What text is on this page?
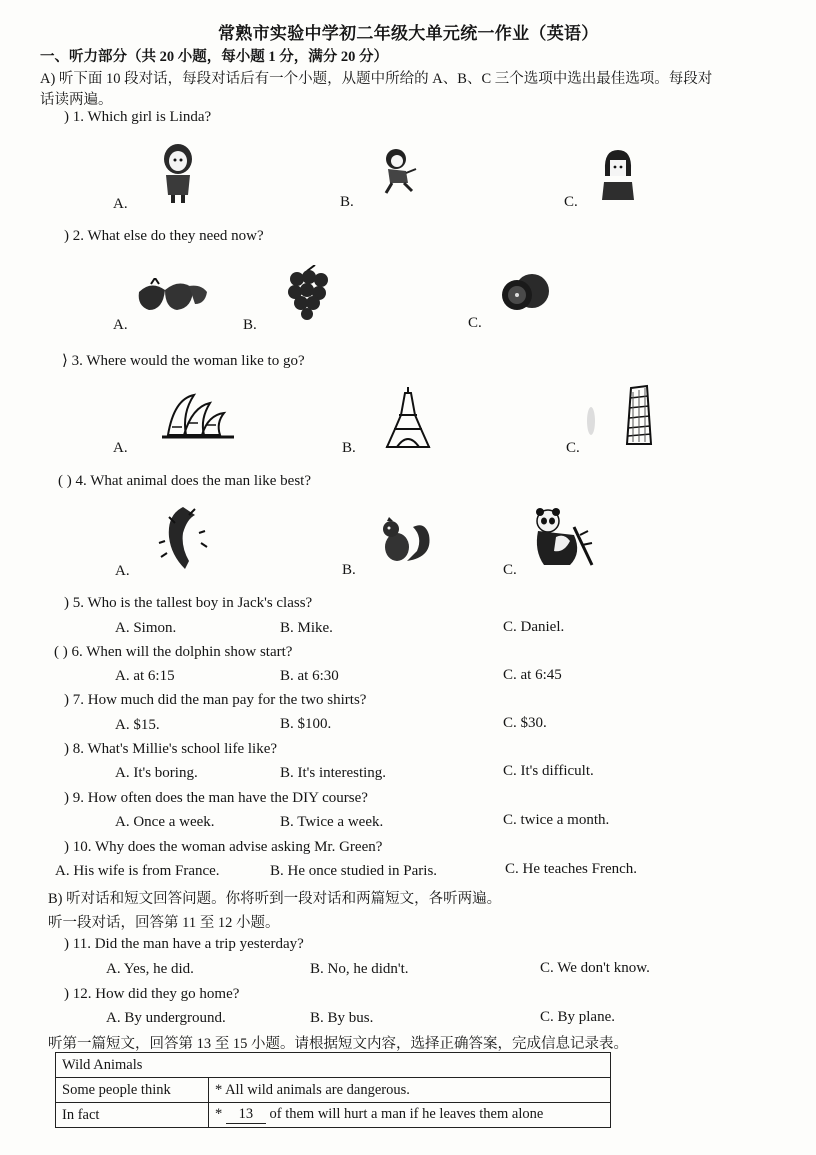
常熟市实验中学初二年级大单元统一作业（英语）
一、听力部分（共 20 小题，每小题 1 分，满分 20 分）
A) 听下面 10 段对话，每段对话后有一个小题，从题中所给的 A、B、C 三个选项中选出最佳选项。每段对
话读两遍。
) 1. Which girl is Linda?
A.	B.	C.
) 2. What else do they need now?
A.	B.	C.
⟩ 3. Where would the woman like to go?
A.	B.	C.
( ) 4. What animal does the man like best?
A.	B.	C.
) 5. Who is the tallest boy in Jack's class?
A. Simon.	B. Mike.	C. Daniel.
( ) 6. When will the dolphin show start?
A. at 6:15	B. at 6:30	C. at 6:45
) 7. How much did the man pay for the two shirts?
A. $15.	B. $100.	C. $30.
) 8. What's Millie's school life like?
A. It's boring.	B. It's interesting.	C. It's difficult.
) 9. How often does the man have the DIY course?
A. Once a week.	B. Twice a week.	C. twice a month.
) 10. Why does the woman advise asking Mr. Green?
A. His wife is from France.	B. He once studied in Paris.	C. He teaches French.
B) 听对话和短文回答问题。你将听到一段对话和两篇短文，各听两遍。
听一段对话，回答第 11 至 12 小题。
) 11. Did the man have a trip yesterday?
A. Yes, he did.	B. No, he didn't.	C. We don't know.
) 12. How did they go home?
A. By underground.	B. By bus.	C. By plane.
听第一篇短文，回答第 13 至 15 小题。请根据短文内容，选择正确答案，完成信息记录表。
Wild Animals	
Some people think	* All wild animals are dangerous.
In fact	* 13 of them will hurt a man if he leaves them alone
